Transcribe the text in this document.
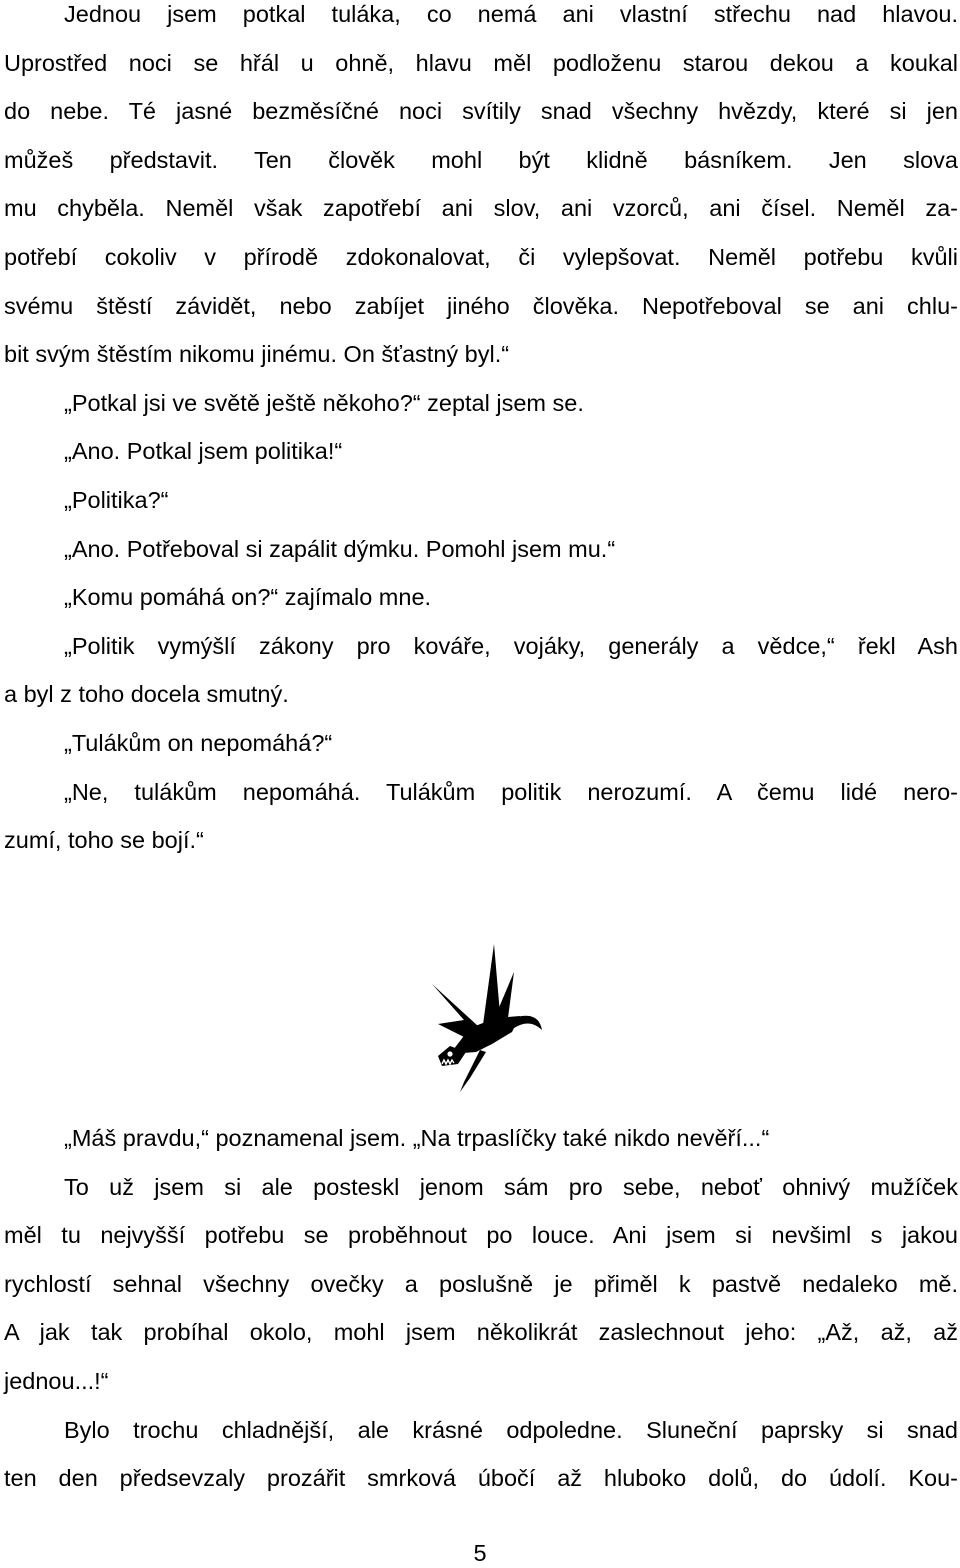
Jednou jsem potkal tuláka, co nemá ani vlastní střechu nad hlavou.
Uprostřed noci se hřál u ohně, hlavu měl podloženu starou dekou a koukal
do nebe. Té jasné bezměsíčné noci svítily snad všechny hvězdy, které si jen
můžeš představit. Ten člověk mohl být klidně básníkem. Jen slova
mu chyběla. Neměl však zapotřebí ani slov, ani vzorců, ani čísel. Neměl za-
potřebí cokoliv v přírodě zdokonalovat, či vylepšovat. Neměl potřebu kvůli
svému štěstí závidět, nebo zabíjet jiného člověka. Nepotřeboval se ani chlu-
bit svým štěstím nikomu jinému. On šťastný byl.“
„Potkal jsi ve světě ještě někoho?“ zeptal jsem se.
„Ano. Potkal jsem politika!“
„Politika?“
„Ano. Potřeboval si zapálit dýmku. Pomohl jsem mu.“
„Komu pomáhá on?“ zajímalo mne.
„Politik vymýšlí zákony pro kováře, vojáky, generály a vědce,“ řekl Ash
a byl z toho docela smutný.
„Tulákům on nepomáhá?“
„Ne, tulákům nepomáhá. Tulákům politik nerozumí. A čemu lidé nero-
zumí, toho se bojí.“
„Máš pravdu,“ poznamenal jsem. „Na trpaslíčky také nikdo nevěří...“
To už jsem si ale posteskl jenom sám pro sebe, neboť ohnivý mužíček
měl tu nejvyšší potřebu se proběhnout po louce. Ani jsem si nevšiml s jakou
rychlostí sehnal všechny ovečky a poslušně je přiměl k pastvě nedaleko mě.
A jak tak probíhal okolo, mohl jsem několikrát zaslechnout jeho: „Až, až, až
jednou...!“
Bylo trochu chladnější, ale krásné odpoledne. Sluneční paprsky si snad
ten den předsevzaly prozářit smrková úbočí až hluboko dolů, do údolí. Kou-
5
